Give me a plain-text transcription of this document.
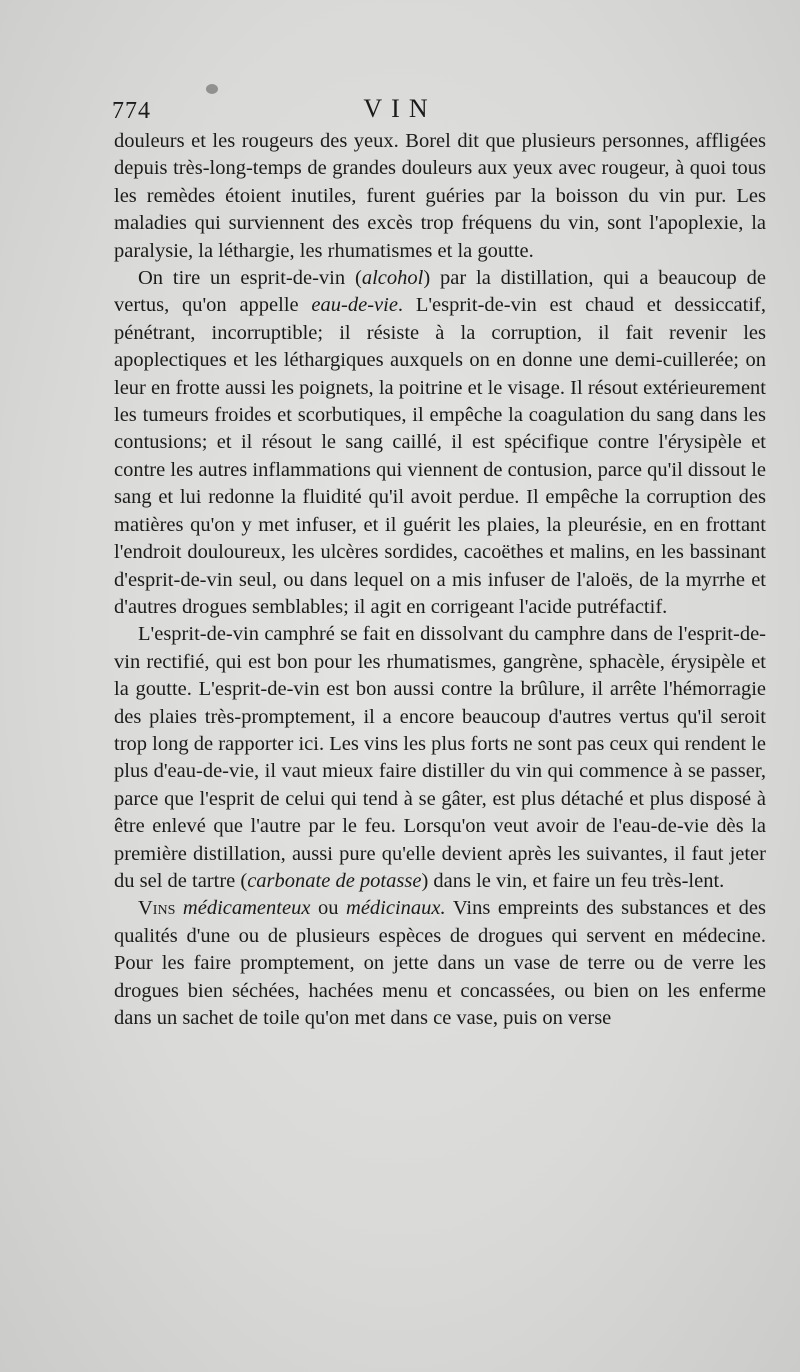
774	VIN

douleurs et les rougeurs des yeux. Borel dit que plusieurs personnes, affligées depuis très-long-temps de grandes douleurs aux yeux avec rougeur, à quoi tous les remèdes étoient inutiles, furent guéries par la boisson du vin pur. Les maladies qui surviennent des excès trop fréquens du vin, sont l'apoplexie, la paralysie, la léthargie, les rhumatismes et la goutte.

On tire un esprit-de-vin (alcohol) par la distillation, qui a beaucoup de vertus, qu'on appelle eau-de-vie. L'esprit-de-vin est chaud et dessiccatif, pénétrant, incorruptible; il résiste à la corruption, il fait revenir les apoplectiques et les léthargiques auxquels on en donne une demi-cuillerée; on leur en frotte aussi les poignets, la poitrine et le visage. Il résout extérieurement les tumeurs froides et scorbutiques, il empêche la coagulation du sang dans les contusions; et il résout le sang caillé, il est spécifique contre l'érysipèle et contre les autres inflammations qui viennent de contusion, parce qu'il dissout le sang et lui redonne la fluidité qu'il avoit perdue. Il empêche la corruption des matières qu'on y met infuser, et il guérit les plaies, la pleurésie, en en frottant l'endroit douloureux, les ulcères sordides, cacoëthes et malins, en les bassinant d'esprit-de-vin seul, ou dans lequel on a mis infuser de l'aloës, de la myrrhe et d'autres drogues semblables; il agit en corrigeant l'acide putréfactif.

L'esprit-de-vin camphré se fait en dissolvant du camphre dans de l'esprit-de-vin rectifié, qui est bon pour les rhumatismes, gangrène, sphacèle, érysipèle et la goutte. L'esprit-de-vin est bon aussi contre la brûlure, il arrête l'hémorragie des plaies très-promptement, il a encore beaucoup d'autres vertus qu'il seroit trop long de rapporter ici. Les vins les plus forts ne sont pas ceux qui rendent le plus d'eau-de-vie, il vaut mieux faire distiller du vin qui commence à se passer, parce que l'esprit de celui qui tend à se gâter, est plus détaché et plus disposé à être enlevé que l'autre par le feu. Lorsqu'on veut avoir de l'eau-de-vie dès la première distillation, aussi pure qu'elle devient après les suivantes, il faut jeter du sel de tartre (carbonate de potasse) dans le vin, et faire un feu très-lent.

Vins médicamenteux ou médicinaux. Vins empreints des substances et des qualités d'une ou de plusieurs espèces de drogues qui servent en médecine. Pour les faire promptement, on jette dans un vase de terre ou de verre les drogues bien séchées, hachées menu et concassées, ou bien on les enferme dans un sachet de toile qu'on met dans ce vase, puis on verse
